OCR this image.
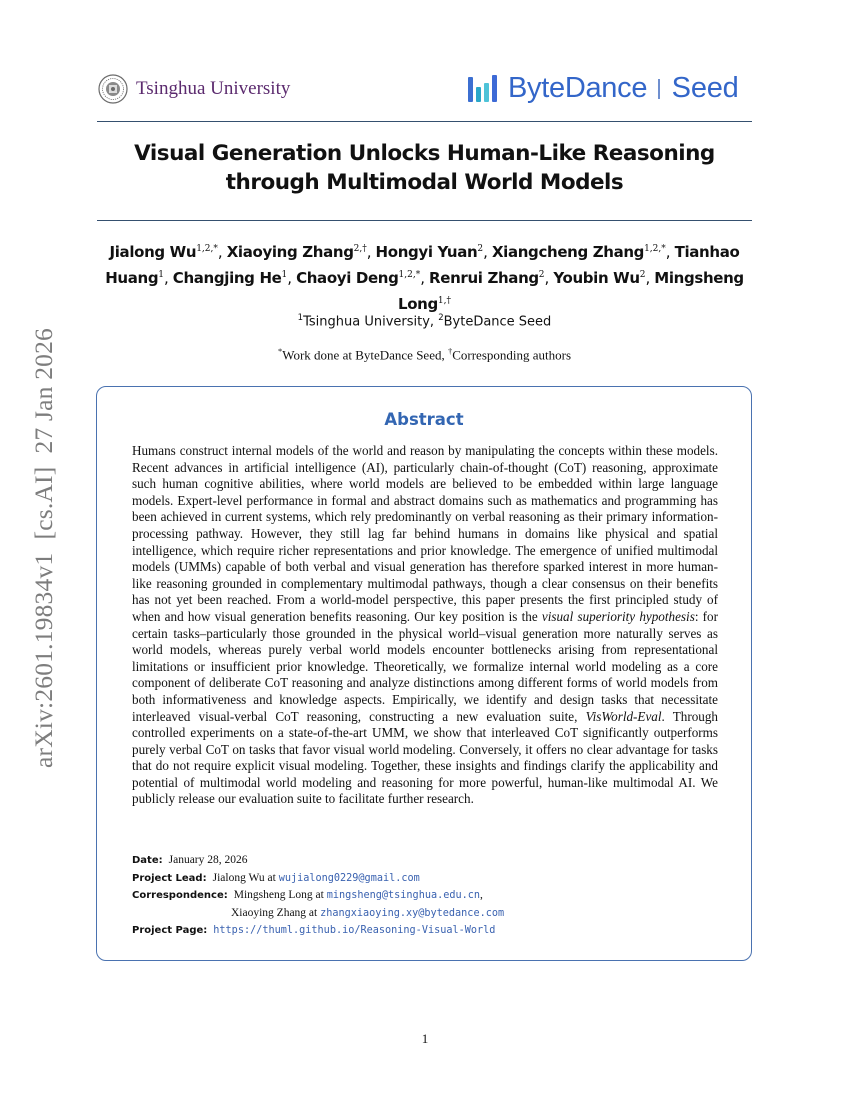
Tsinghua University	ByteDance Seed
Visual Generation Unlocks Human-Like Reasoning through Multimodal World Models
Jialong $Wu^{1,2,*}$, Xiaoying Zhang$^{2,\dagger}$, Hongyi Yuan$^2$, Xiangcheng Zhang$^{1,2,*}$, Tianhao Huang$^1$, Changjing He$^1$, Chaoyi Deng$^{1,2,*}$, Renrui Zhang$^2$, Youbin Wu$^2$, Mingsheng Long$^{1,\dagger}$
$^1$Tsinghua University, $^2$ByteDance Seed
*Work done at ByteDance Seed, †Corresponding authors
Abstract
Humans construct internal models of the world and reason by manipulating the concepts within these models. Recent advances in artificial intelligence (AI), particularly chain-of-thought (CoT) reasoning, approximate such human cognitive abilities, where world models are believed to be embedded within large language models. Expert-level performance in formal and abstract domains such as mathematics and programming has been achieved in current systems, which rely predominantly on verbal reasoning as their primary information-processing pathway. However, they still lag far behind humans in domains like physical and spatial intelligence, which require richer representations and prior knowledge. The emergence of unified multimodal models (UMMs) capable of both verbal and visual generation has therefore sparked interest in more human-like reasoning grounded in complementary multimodal pathways, though a clear consensus on their benefits has not yet been reached. From a world-model perspective, this paper presents the first principled study of when and how visual generation benefits reasoning. Our key position is the visual superiority hypothesis: for certain tasks–particularly those grounded in the physical world–visual generation more naturally serves as world models, whereas purely verbal world models encounter bottlenecks arising from representational limitations or insufficient prior knowledge. Theoretically, we formalize internal world modeling as a core component of deliberate CoT reasoning and analyze distinctions among different forms of world models from both informativeness and knowledge aspects. Empirically, we identify and design tasks that necessitate interleaved visual-verbal CoT reasoning, constructing a new evaluation suite, VisWorld-Eval. Through controlled experiments on a state-of-the-art UMM, we show that interleaved CoT significantly outperforms purely verbal CoT on tasks that favor visual world modeling. Conversely, it offers no clear advantage for tasks that do not require explicit visual modeling. Together, these insights and findings clarify the applicability and potential of multimodal world modeling and reasoning for more powerful, human-like multimodal AI. We publicly release our evaluation suite to facilitate further research.
Date: January 28, 2026
Project Lead: Jialong Wu at
wujialong0229@gmail.com
Correspondence: Mingsheng Long at
mingsheng@tsinghua.edu.cn ,
Xiaoying Zhang at
zhangxiaoying.xy@bytedance.com
Project Page: https://thuml.github.io/Reasoning-Visual-World
arXiv:2601.19834v1  [cs.AI]  27 Jan 2026
1
